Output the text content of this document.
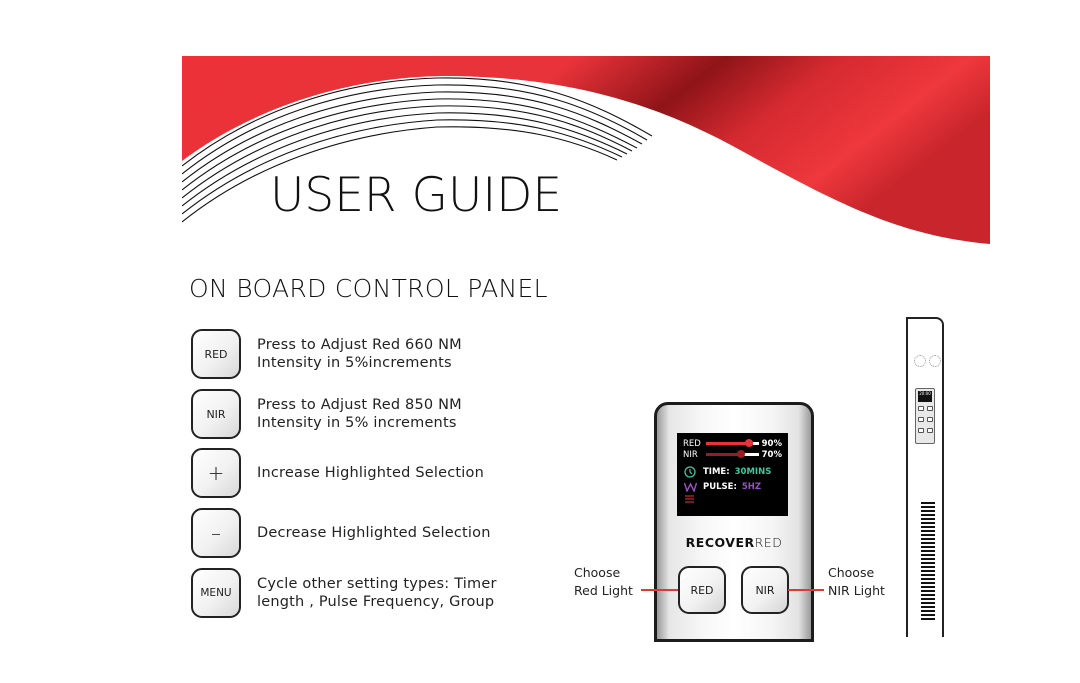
USER GUIDE
ON BOARD CONTROL PANEL
RED
Press to Adjust Red 660 NM
Intensity in 5%increments
NIR
Press to Adjust Red 850 NM
Intensity in 5% increments
+	Increase Highlighted Selection
–	Decrease Highlighted Selection
MENU
Cycle other setting types: Timer
length , Pulse Frequency, Group
RED	90%
NIR	70%
TIME: 30MINS
PULSE: 5HZ
RECOVERRED
RED	NIR
Choose
Red Light
Choose
NIR Light
20:00
